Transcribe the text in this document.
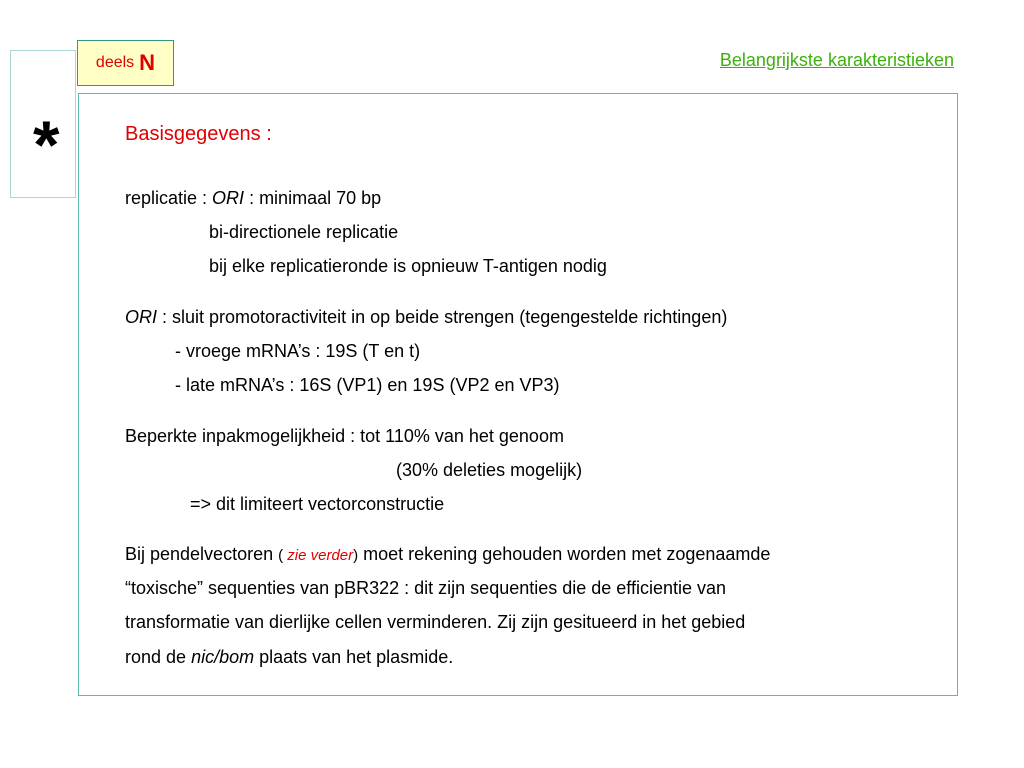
*
deels N	Belangrijkste karakteristieken
Basisgegevens :
replicatie : ORI : minimaal 70 bp
bi-directionele replicatie
bij elke replicatieronde is opnieuw T-antigen nodig
ORI : sluit promotoractiviteit in op beide strengen (tegengestelde richtingen)
- vroege mRNA’s : 19S (T en t)
- late mRNA’s : 16S (VP1) en 19S (VP2 en VP3)
Beperkte inpakmogelijkheid : tot 110% van het genoom
(30% deleties mogelijk)
=> dit limiteert vectorconstructie
Bij pendelvectoren ( zie verder) moet rekening gehouden worden met zogenaamde
“toxische” sequenties van pBR322 : dit zijn sequenties die de efficientie van
transformatie van dierlijke cellen verminderen. Zij zijn gesitueerd in het gebied
rond de nic/bom plaats van het plasmide.
